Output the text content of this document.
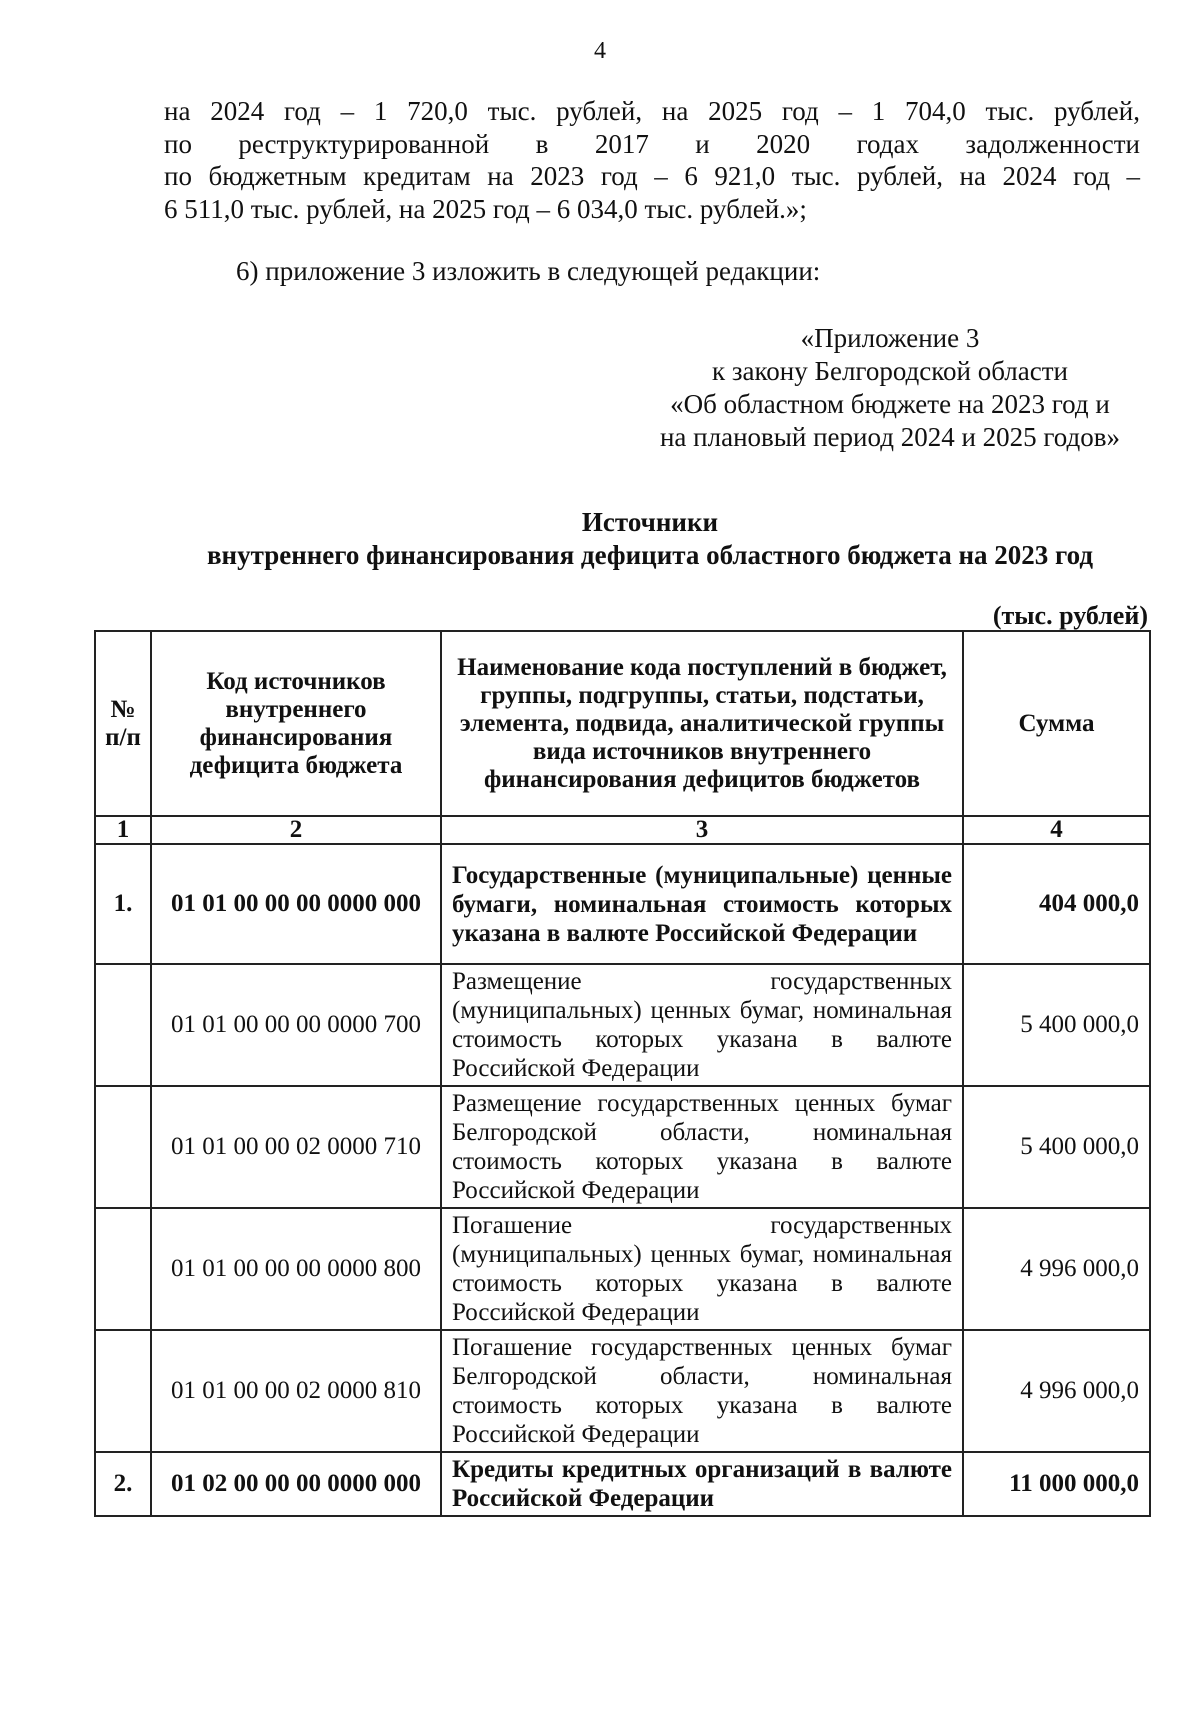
4
на 2024 год – 1 720,0 тыс. рублей, на 2025 год – 1 704,0 тыс. рублей,
по реструктурированной в 2017 и 2020 годах задолженности
по бюджетным кредитам на 2023 год – 6 921,0 тыс. рублей, на 2024 год –
6 511,0 тыс. рублей, на 2025 год – 6 034,0 тыс. рублей.»;
6) приложение 3 изложить в следующей редакции:
«Приложение 3
к закону Белгородской области
«Об областном бюджете на 2023 год и
на плановый период 2024 и 2025 годов»
Источники
внутреннего финансирования дефицита областного бюджета на 2023 год
(тыс. рублей)
№ п/п	Код источников внутреннего финансирования дефицита бюджета	Наименование кода поступлений в бюджет, группы, подгруппы, статьи, подстатьи, элемента, подвида, аналитической группы вида источников внутреннего финансирования дефицитов бюджетов	Сумма
1	2	3	4
1.	01 01 00 00 00 0000 000	Государственные (муниципальные) ценные бумаги, номинальная стоимость которых указана в валюте Российской Федерации	404 000,0
	01 01 00 00 00 0000 700	Размещение государственных (муниципальных) ценных бумаг, номинальная стоимость которых указана в валюте Российской Федерации	5 400 000,0
	01 01 00 00 02 0000 710	Размещение государственных ценных бумаг Белгородской области, номинальная стоимость которых указана в валюте Российской Федерации	5 400 000,0
	01 01 00 00 00 0000 800	Погашение государственных (муниципальных) ценных бумаг, номинальная стоимость которых указана в валюте Российской Федерации	4 996 000,0
	01 01 00 00 02 0000 810	Погашение государственных ценных бумаг Белгородской области, номинальная стоимость которых указана в валюте Российской Федерации	4 996 000,0
2.	01 02 00 00 00 0000 000	Кредиты кредитных организаций в валюте Российской Федерации	11 000 000,0
